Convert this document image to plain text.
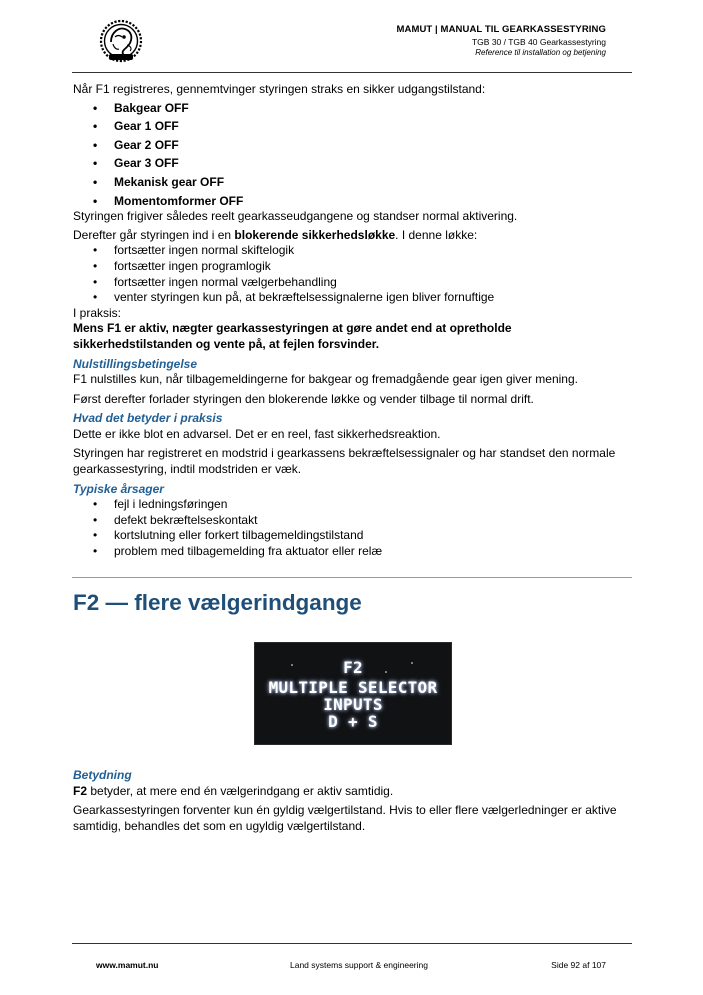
MAMUT | MANUAL TIL GEARKASSESTYRING
TGB 30 / TGB 40 Gearkassestyring
Reference til installation og betjening

Når F1 registreres, gennemtvinger styringen straks en sikker udgangstilstand:

• Bakgear OFF
• Gear 1 OFF
• Gear 2 OFF
• Gear 3 OFF
• Mekanisk gear OFF
• Momentomformer OFF

Styringen frigiver således reelt gearkasseudgangene og standser normal aktivering.

Derefter går styringen ind i en blokerende sikkerhedsløkke. I denne løkke:

• fortsætter ingen normal skiftelogik
• fortsætter ingen programlogik
• fortsætter ingen normal vælgerbehandling
• venter styringen kun på, at bekræftelsessignalerne igen bliver fornuftige

I praksis:

Mens F1 er aktiv, nægter gearkassestyringen at gøre andet end at opretholde sikkerhedstilstanden og vente på, at fejlen forsvinder.

Nulstillingsbetingelse

F1 nulstilles kun, når tilbagemeldingerne for bakgear og fremadgående gear igen giver mening.

Først derefter forlader styringen den blokerende løkke og vender tilbage til normal drift.

Hvad det betyder i praksis

Dette er ikke blot en advarsel. Det er en reel, fast sikkerhedsreaktion.

Styringen har registreret en modstrid i gearkassens bekræftelsessignaler og har standset den normale gearkassestyring, indtil modstriden er væk.

Typiske årsager

• fejl i ledningsføringen
• defekt bekræftelseskontakt
• kortslutning eller forkert tilbagemeldingstilstand
• problem med tilbagemelding fra aktuator eller relæ
F2 — flere vælgerindgange
F2
MULTIPLE SELECTOR
INPUTS
D + S

Betydning

F2 betyder, at mere end én vælgerindgang er aktiv samtidig.

Gearkassestyringen forventer kun én gyldig vælgertilstand. Hvis to eller flere vælgerledninger er aktive samtidig, behandles det som en ugyldig vælgertilstand.

www.mamut.nu	Land systems support & engineering	Side 92 af 107
